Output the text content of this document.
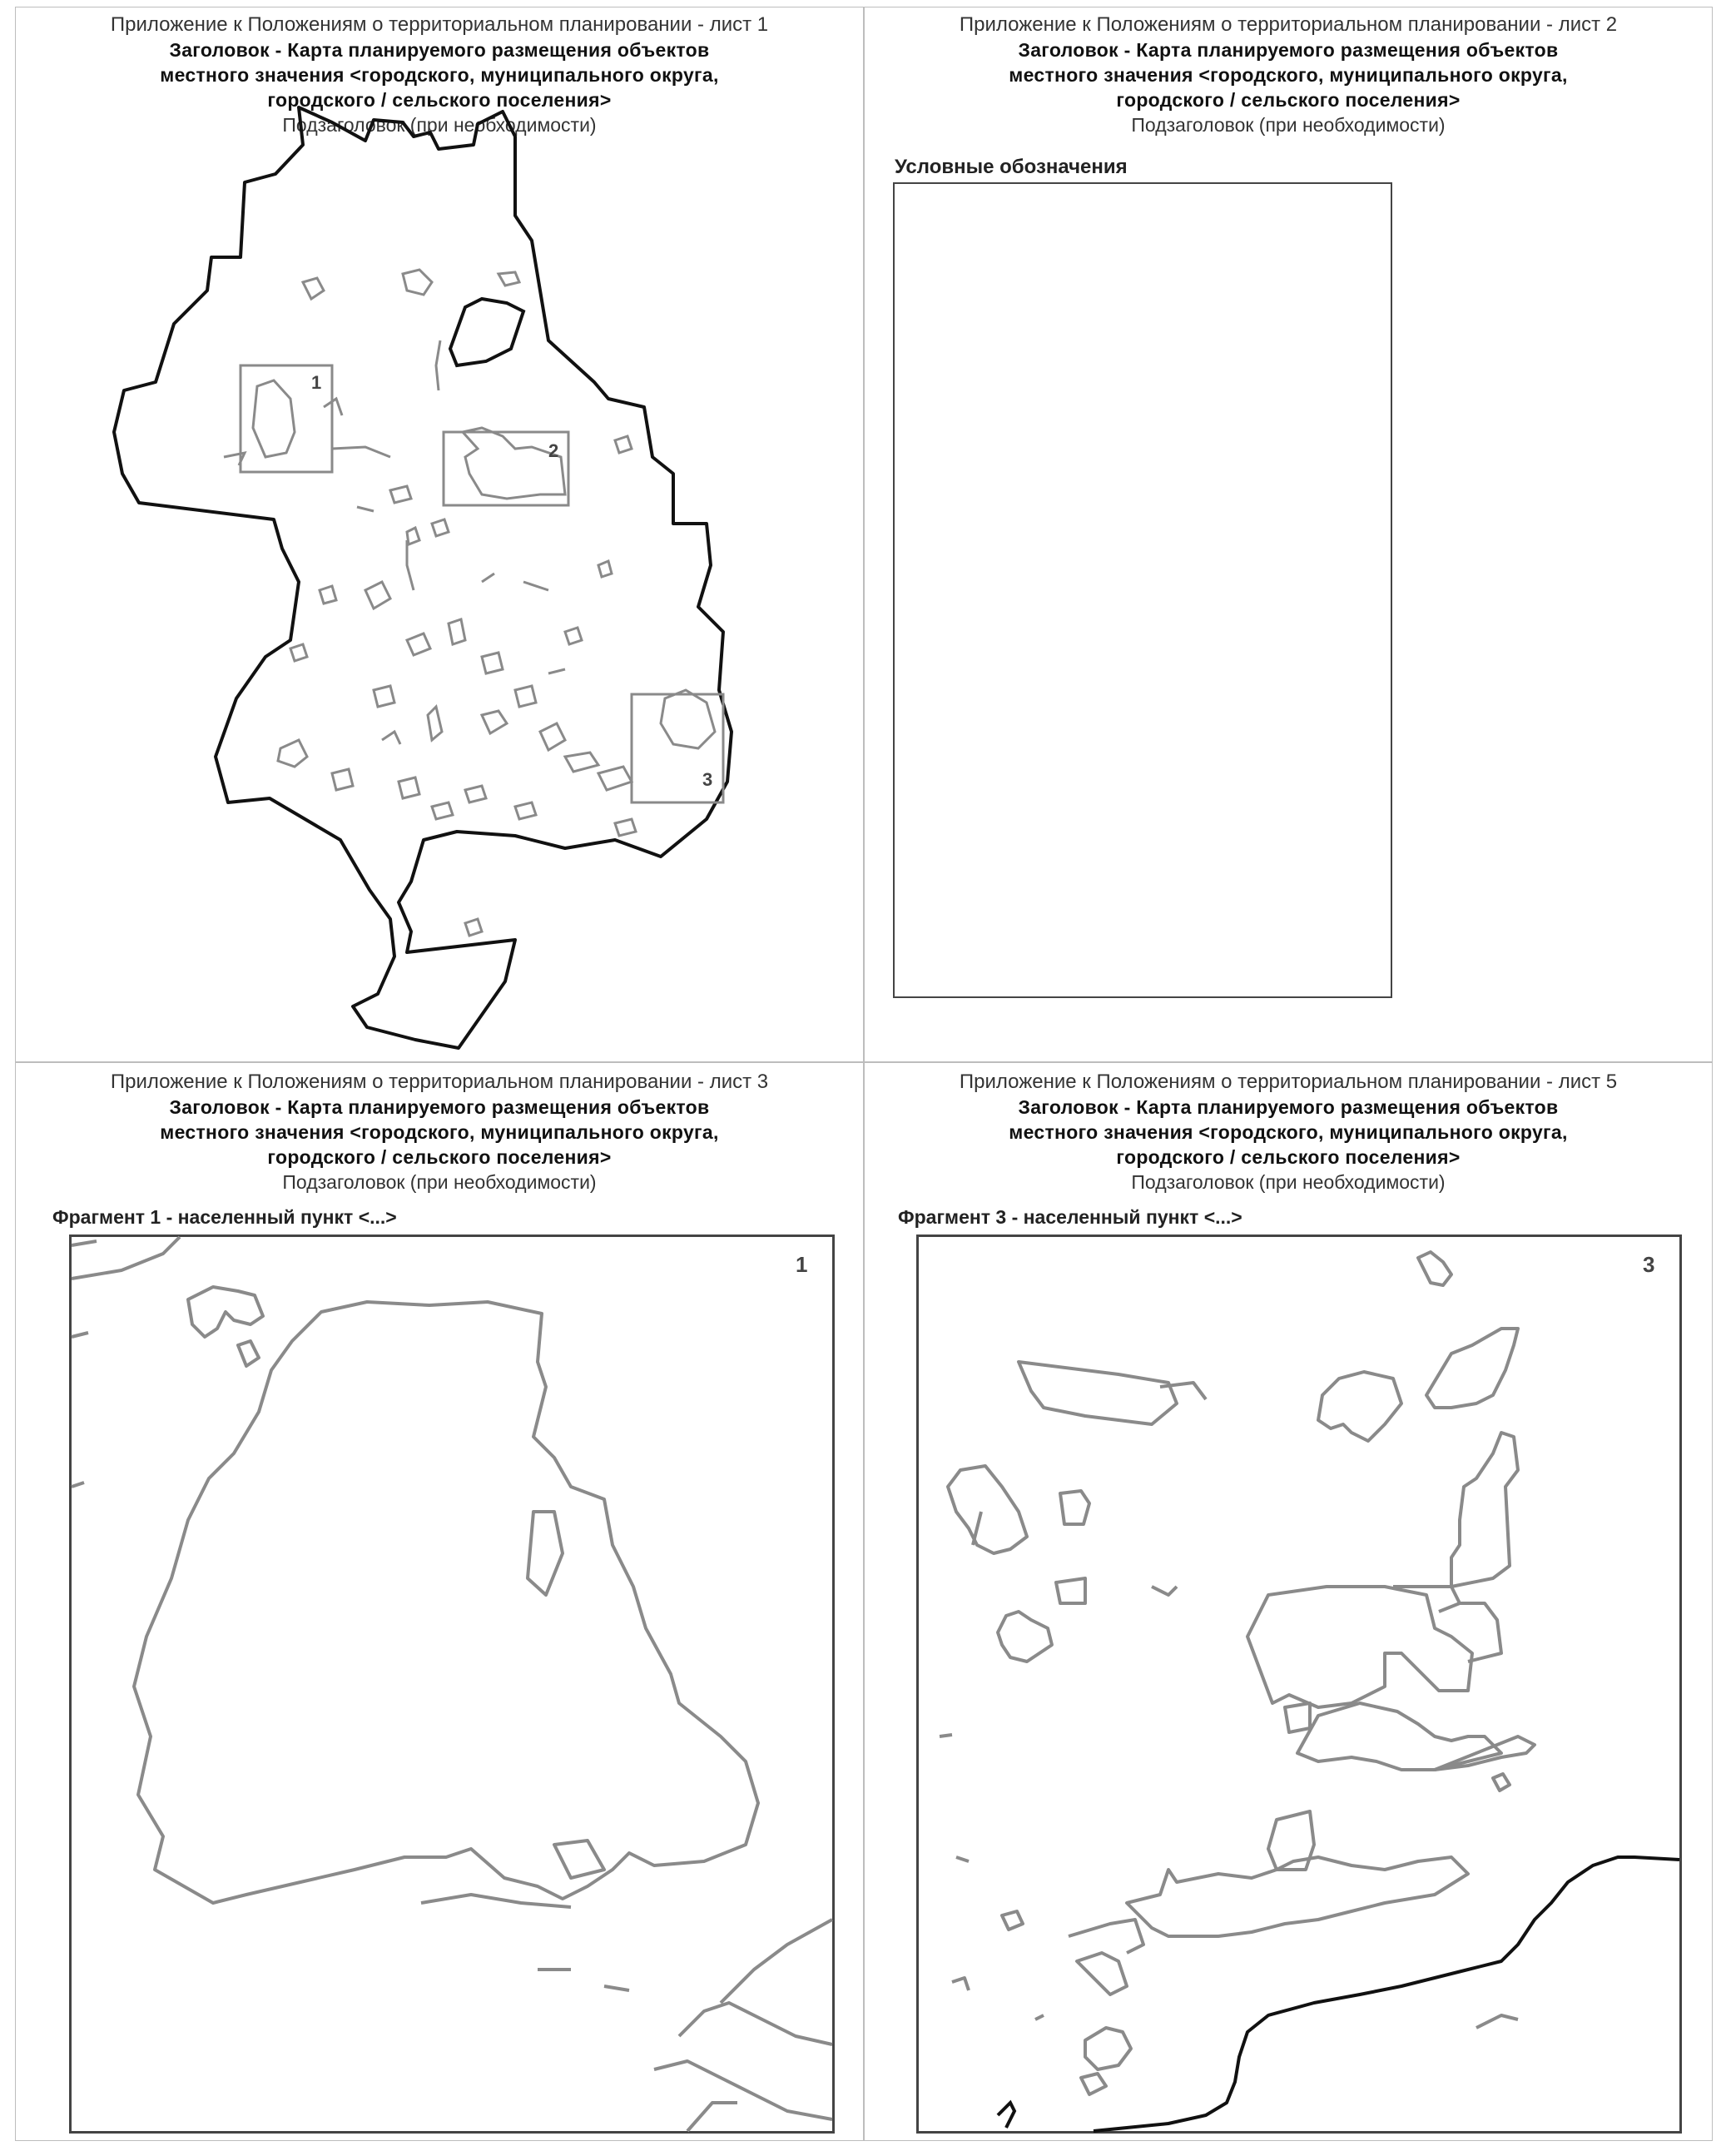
Приложение к Положениям о территориальном планировании - лист 1
Заголовок - Карта планируемого размещения объектов
местного значения <городского, муниципального округа,
городского / сельского поселения>
Подзаголовок (при необходимости)
1
2
3
Приложение к Положениям о территориальном планировании - лист 2
Заголовок - Карта планируемого размещения объектов
местного значения <городского, муниципального округа,
городского / сельского поселения>
Подзаголовок (при необходимости)
Условные обозначения
Приложение к Положениям о территориальном планировании - лист 3
Заголовок - Карта планируемого размещения объектов
местного значения <городского, муниципального округа,
городского / сельского поселения>
Подзаголовок (при необходимости)
Фрагмент 1 - населенный пункт <...>
1
Приложение к Положениям о территориальном планировании - лист 5
Заголовок - Карта планируемого размещения объектов
местного значения <городского, муниципального округа,
городского / сельского поселения>
Подзаголовок (при необходимости)
Фрагмент 3 - населенный пункт <...>
3
